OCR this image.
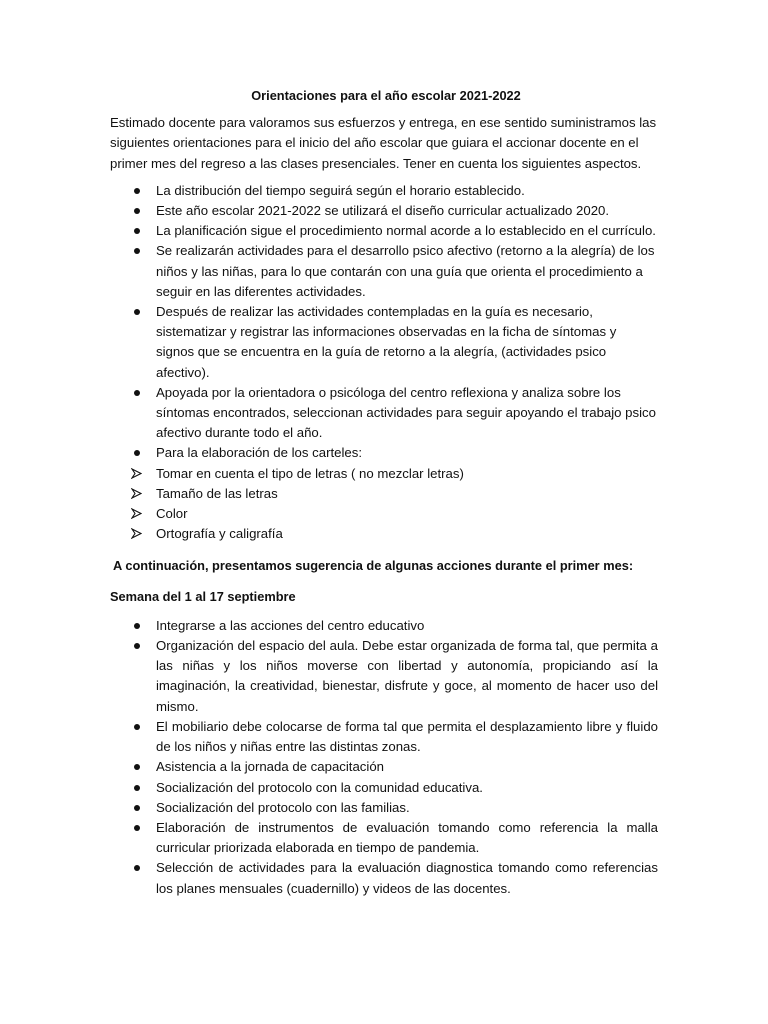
Orientaciones para el año escolar 2021-2022

Estimado docente para valoramos sus esfuerzos y entrega, en ese sentido suministramos las siguientes orientaciones para el inicio del año escolar que guiara el accionar docente en el primer mes del regreso a las clases presenciales. Tener en cuenta los siguientes aspectos.

La distribución del tiempo seguirá según el horario establecido.
Este año escolar 2021-2022 se utilizará el diseño curricular actualizado 2020.
La planificación sigue el procedimiento normal acorde a lo establecido en el currículo.
Se realizarán actividades para el desarrollo psico afectivo (retorno a la alegría) de los niños y las niñas, para lo que contarán con una guía que orienta el procedimiento a seguir en las diferentes actividades.
Después de realizar las actividades contempladas en la guía es necesario, sistematizar y registrar las informaciones observadas en la ficha de síntomas y signos que se encuentra en la guía de retorno a la alegría, (actividades psico afectivo).
Apoyada por la orientadora o psicóloga del centro reflexiona y analiza sobre los síntomas encontrados, seleccionan actividades para seguir apoyando el trabajo psico afectivo durante todo el año.
Para la elaboración de los carteles:
Tomar en cuenta el tipo de letras ( no mezclar letras)
Tamaño de las letras
Color
Ortografía y caligrafía
A continuación, presentamos sugerencia de algunas acciones durante el primer mes:
Semana del 1 al 17 septiembre
Integrarse a las acciones del centro educativo
Organización del espacio del aula. Debe estar organizada de forma tal, que permita a las niñas y los niños moverse con libertad y autonomía, propiciando así la imaginación, la creatividad, bienestar, disfrute y goce, al momento de hacer uso del mismo.
El mobiliario debe colocarse de forma tal que permita el desplazamiento libre y fluido de los niños y niñas entre las distintas zonas.
Asistencia a la jornada de capacitación
Socialización del protocolo con la comunidad educativa.
Socialización del protocolo con las familias.
Elaboración de instrumentos de evaluación tomando como referencia la malla curricular priorizada elaborada en tiempo de pandemia.
Selección de actividades para la evaluación diagnostica tomando como referencias los planes mensuales (cuadernillo) y videos de las docentes.
